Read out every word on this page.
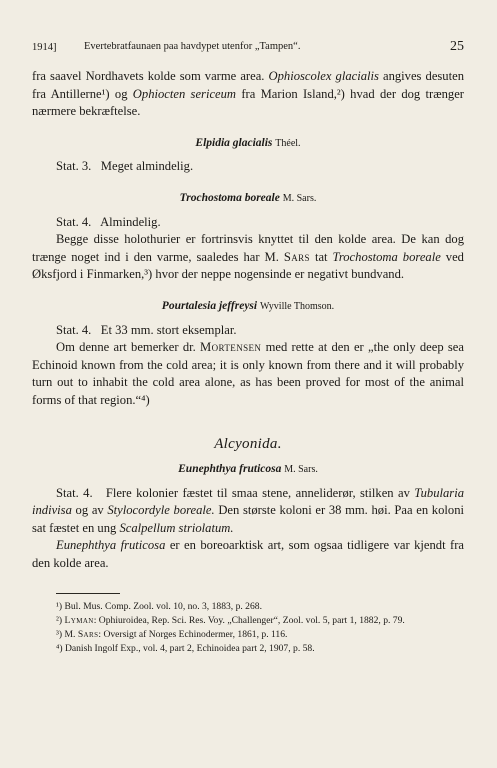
1914]	Evertebratfaunaen paa havdypet utenfor „Tampen“.	25

fra saavel Nordhavets kolde som varme area. Ophioscolex glacialis angives desuten fra Antillerne¹) og Ophiocten sericeum fra Marion Island,²) hvad der dog trænger nærmere bekræftelse.

Elpidia glacialis Théel.

Stat. 3.   Meget almindelig.

Trochostoma boreale M. Sars.

Stat. 4.   Almindelig.

Begge disse holothurier er fortrinsvis knyttet til den kolde area. De kan dog trænge noget ind i den varme, saaledes har M. Sars tat Trochostoma boreale ved Øksfjord i Finmarken,³) hvor der neppe nogensinde er negativt bundvand.

Pourtalesia jeffreysi Wyville Thomson.

Stat. 4.   Et 33 mm. stort eksemplar.

Om denne art bemerker dr. Mortensen med rette at den er „the only deep sea Echinoid known from the cold area; it is only known from there and it will probably turn out to inhabit the cold area alone, as has been proved for most of the animal forms of that region.“⁴)

Alcyonida.
Eunephthya fruticosa M. Sars.

Stat. 4.   Flere kolonier fæstet til smaa stene, anneliderør, stilken av Tubularia indivisa og av Stylocordyle boreale. Den største koloni er 38 mm. høi. Paa en koloni sat fæstet en ung Scalpellum striolatum.

Eunephthya fruticosa er en boreoarktisk art, som ogsaa tidligere var kjendt fra den kolde area.

¹) Bul. Mus. Comp. Zool. vol. 10, no. 3, 1883, p. 268.

²) Lyman: Ophiuroidea, Rep. Sci. Res. Voy. „Challenger“, Zool. vol. 5, part 1, 1882, p. 79.

³) M. Sars: Oversigt af Norges Echinodermer, 1861, p. 116.

⁴) Danish Ingolf Exp., vol. 4, part 2, Echinoidea part 2, 1907, p. 58.
